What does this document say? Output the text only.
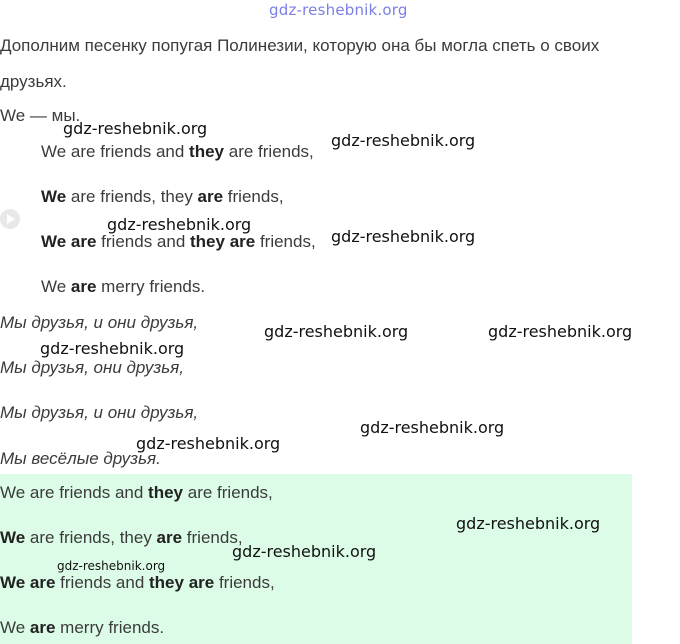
gdz-reshebnik.org
Дополним песенку попугая Полинезии, которую она бы могла спеть о своих друзьях.
We — мы.
We are friends and they are friends,
We are friends, they are friends,
We are friends and they are friends,
We are merry friends.
Мы друзья, и они друзья,
Мы друзья, они друзья,
Мы друзья, и они друзья,
Мы весёлые друзья.
We are friends and they are friends,
We are friends, they are friends,
We are friends and they are friends,
We are merry friends.
gdz-reshebnik.org
gdz-reshebnik.org
gdz-reshebnik.org
gdz-reshebnik.org
gdz-reshebnik.org	gdz-reshebnik.org
gdz-reshebnik.org
gdz-reshebnik.org
gdz-reshebnik.org
gdz-reshebnik.org
gdz-reshebnik.org
gdz-reshebnik.org
